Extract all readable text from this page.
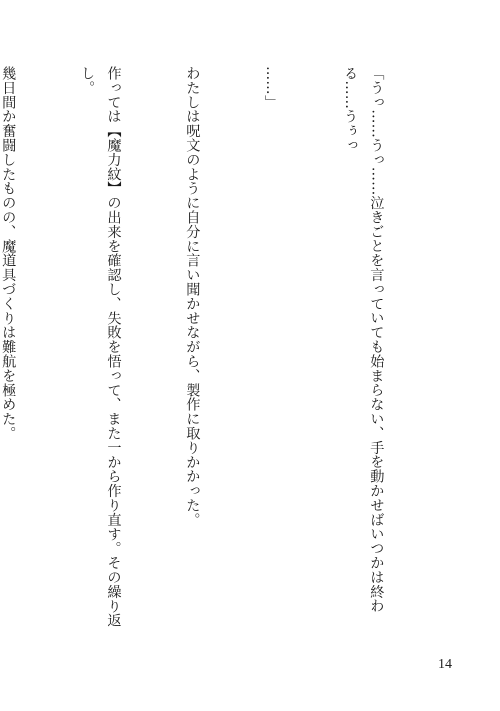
「うっ……うっ……泣きごとを言っていても始まらない、手を動かせばいつかは終わる……うぅっ

……」

わたしは呪文のように自分に言い聞かせながら、製作に取りかかった。

作っては【魔力紋】の出来を確認し、失敗を悟って、また一から作り直す。その繰り返し。

幾日間か奮闘したものの、魔道具づくりは難航を極めた。

14
